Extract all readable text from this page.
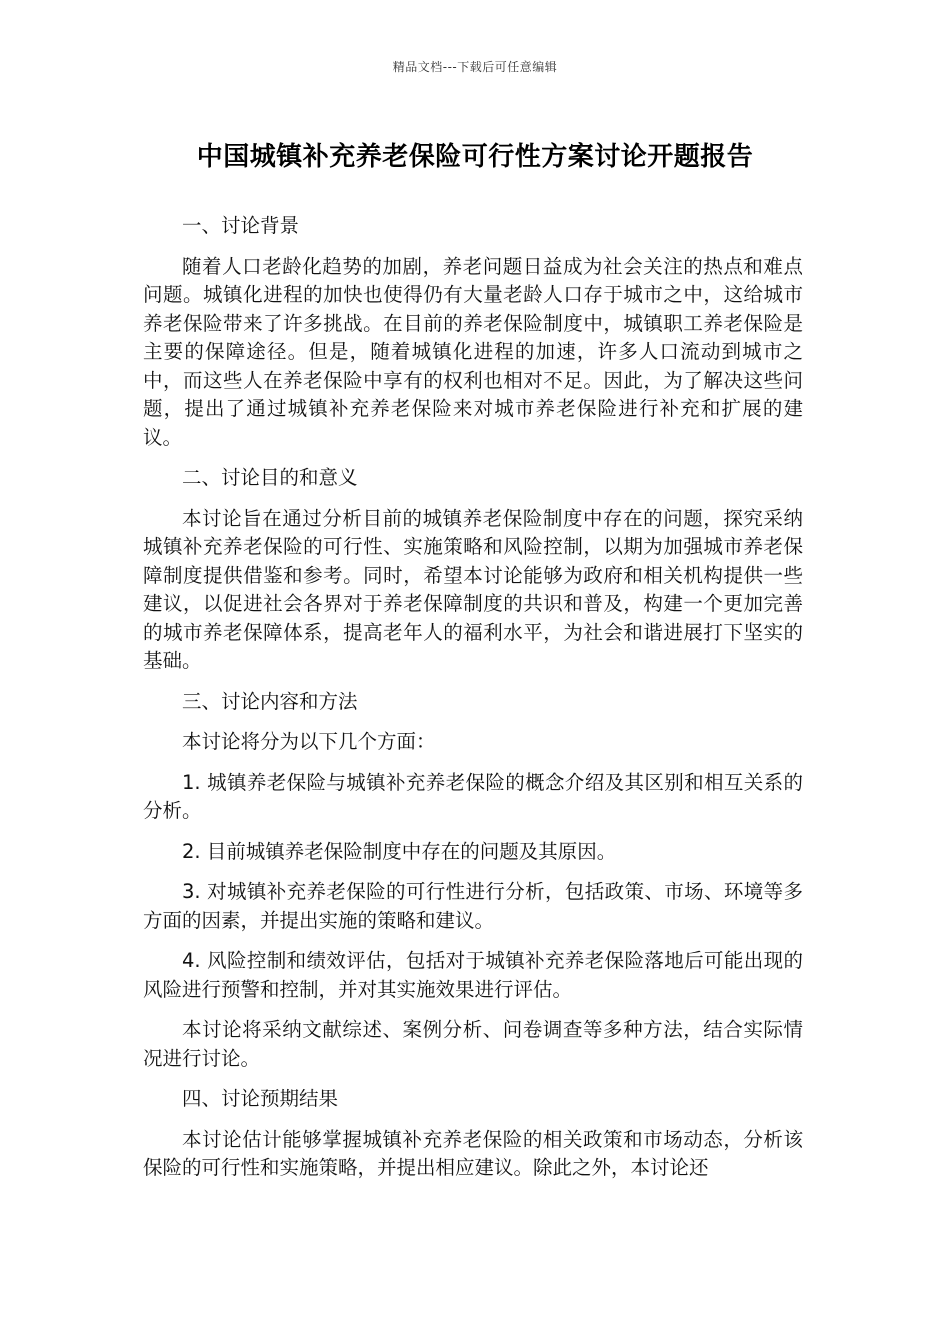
精品文档---下载后可任意编辑
中国城镇补充养老保险可行性方案讨论开题报告

一、讨论背景

随着人口老龄化趋势的加剧，养老问题日益成为社会关注的热点和难点问题。城镇化进程的加快也使得仍有大量老龄人口存于城市之中，这给城市养老保险带来了许多挑战。在目前的养老保险制度中，城镇职工养老保险是主要的保障途径。但是，随着城镇化进程的加速，许多人口流动到城市之中，而这些人在养老保险中享有的权利也相对不足。因此，为了解决这些问题，提出了通过城镇补充养老保险来对城市养老保险进行补充和扩展的建议。

二、讨论目的和意义

本讨论旨在通过分析目前的城镇养老保险制度中存在的问题，探究采纳城镇补充养老保险的可行性、实施策略和风险控制，以期为加强城市养老保障制度提供借鉴和参考。同时，希望本讨论能够为政府和相关机构提供一些建议，以促进社会各界对于养老保障制度的共识和普及，构建一个更加完善的城市养老保障体系，提高老年人的福利水平，为社会和谐进展打下坚实的基础。

三、讨论内容和方法

本讨论将分为以下几个方面：

1. 城镇养老保险与城镇补充养老保险的概念介绍及其区别和相互关系的分析。

2. 目前城镇养老保险制度中存在的问题及其原因。

3. 对城镇补充养老保险的可行性进行分析，包括政策、市场、环境等多方面的因素，并提出实施的策略和建议。

4. 风险控制和绩效评估，包括对于城镇补充养老保险落地后可能出现的风险进行预警和控制，并对其实施效果进行评估。

本讨论将采纳文献综述、案例分析、问卷调查等多种方法，结合实际情况进行讨论。

四、讨论预期结果

本讨论估计能够掌握城镇补充养老保险的相关政策和市场动态，分析该保险的可行性和实施策略，并提出相应建议。除此之外，本讨论还
